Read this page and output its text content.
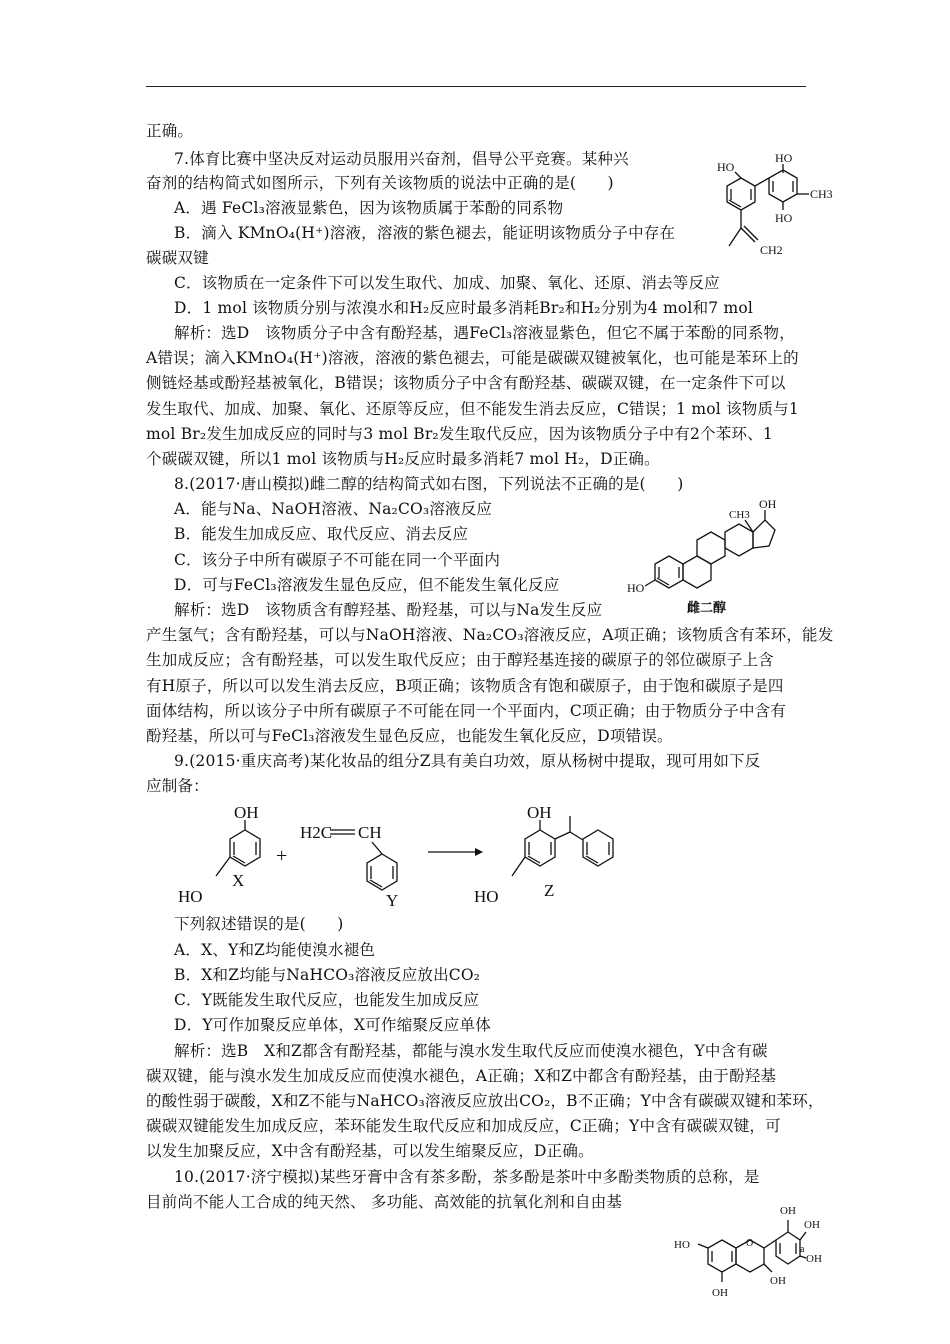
正确。
7.体育比赛中坚决反对运动员服用兴奋剂，倡导公平竞赛。某种兴
奋剂的结构简式如图所示，下列有关该物质的说法中正确的是(　　)
A．遇 FeCl₃溶液显紫色，因为该物质属于苯酚的同系物
B．滴入 KMnO₄(H⁺)溶液，溶液的紫色褪去，能证明该物质分子中存在
碳碳双键
C．该物质在一定条件下可以发生取代、加成、加聚、氧化、还原、消去等反应
D．1 mol 该物质分别与浓溴水和H₂反应时最多消耗Br₂和H₂分别为4 mol和7 mol
解析：选D　该物质分子中含有酚羟基，遇FeCl₃溶液显紫色，但它不属于苯酚的同系物，
A错误；滴入KMnO₄(H⁺)溶液，溶液的紫色褪去，可能是碳碳双键被氧化，也可能是苯环上的
侧链烃基或酚羟基被氧化，B错误；该物质分子中含有酚羟基、碳碳双键，在一定条件下可以
发生取代、加成、加聚、氧化、还原等反应，但不能发生消去反应，C错误；1 mol 该物质与1
mol Br₂发生加成反应的同时与3 mol Br₂发生取代反应，因为该物质分子中有2个苯环、1
个碳碳双键，所以1 mol 该物质与H₂反应时最多消耗7 mol H₂，D正确。
8.(2017·唐山模拟)雌二醇的结构简式如右图，下列说法不正确的是(　　)
A．能与Na、NaOH溶液、Na₂CO₃溶液反应
B．能发生加成反应、取代反应、消去反应
C．该分子中所有碳原子不可能在同一个平面内
D．可与FeCl₃溶液发生显色反应，但不能发生氧化反应
解析：选D　该物质含有醇羟基、酚羟基，可以与Na发生反应
产生氢气；含有酚羟基，可以与NaOH溶液、Na₂CO₃溶液反应，A项正确；该物质含有苯环，能发
生加成反应；含有酚羟基，可以发生取代反应；由于醇羟基连接的碳原子的邻位碳原子上含
有H原子，所以可以发生消去反应，B项正确；该物质含有饱和碳原子，由于饱和碳原子是四
面体结构，所以该分子中所有碳原子不可能在同一个平面内，C项正确；由于物质分子中含有
酚羟基，所以可与FeCl₃溶液发生显色反应，也能发生氧化反应，D项错误。
9.(2015·重庆高考)某化妆品的组分Z具有美白功效，原从杨树中提取，现可用如下反
应制备：
下列叙述错误的是(　　)
A．X、Y和Z均能使溴水褪色
B．X和Z均能与NaHCO₃溶液反应放出CO₂
C．Y既能发生取代反应，也能发生加成反应
D．Y可作加聚反应单体，X可作缩聚反应单体
解析：选B　X和Z都含有酚羟基，都能与溴水发生取代反应而使溴水褪色，Y中含有碳
碳双键，能与溴水发生加成反应而使溴水褪色，A正确；X和Z中都含有酚羟基，由于酚羟基
的酸性弱于碳酸，X和Z不能与NaHCO₃溶液反应放出CO₂，B不正确；Y中含有碳碳双键和苯环，
碳碳双键能发生加成反应，苯环能发生取代反应和加成反应，C正确；Y中含有碳碳双键，可
以发生加聚反应，X中含有酚羟基，可以发生缩聚反应，D正确。
10.(2017·济宁模拟)某些牙膏中含有茶多酚，茶多酚是茶叶中多酚类物质的总称，是
目前尚不能人工合成的纯天然、 多功能、高效能的抗氧化剂和自由基
HO
HO
CH3
HO
CH2
HO
CH3
OH
雌二醇
OH
HO
X
+
H2C CH
Y
OH
HO	Z
O
HO
OH
OH
OH
OH
a
OH
